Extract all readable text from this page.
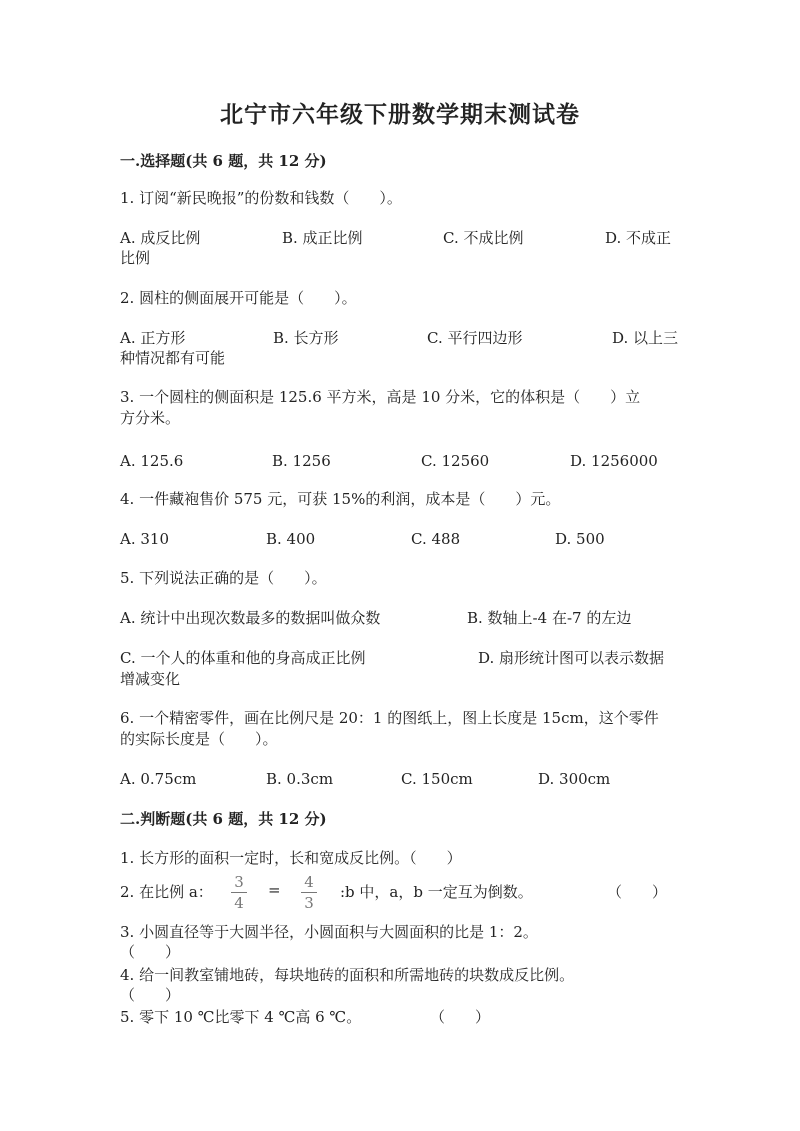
北宁市六年级下册数学期末测试卷
一.选择题(共 6 题，共 12 分)
1. 订阅“新民晚报”的份数和钱数（　　）。
A. 成反比例	B. 成正比例	C. 不成比例	D. 不成正
比例
2. 圆柱的侧面展开可能是（　　）。
A. 正方形	B. 长方形	C. 平行四边形	D. 以上三
种情况都有可能
3. 一个圆柱的侧面积是 125.6 平方米，高是 10 分米，它的体积是（　　）立
方分米。
A. 125.6	B. 1256	C. 12560	D. 1256000
4. 一件藏袍售价 575 元，可获 15%的利润，成本是（　　）元。
A. 310	B. 400	C. 488	D. 500
5. 下列说法正确的是（　　）。
A. 统计中出现次数最多的数据叫做众数	B. 数轴上-4 在-7 的左边
C. 一个人的体重和他的身高成正比例	D. 扇形统计图可以表示数据
增减变化
6. 一个精密零件，画在比例尺是 20：1 的图纸上，图上长度是 15cm，这个零件
的实际长度是（　　）。
A. 0.75cm	B. 0.3cm	C. 150cm	D. 300cm
二.判断题(共 6 题，共 12 分)
1. 长方形的面积一定时，长和宽成反比例。（　　）
2. 在比例 a：
3
4
=	4
3
:b 中，a，b 一定互为倒数。	（　　）
3. 小圆直径等于大圆半径，小圆面积与大圆面积的比是 1：2。
（　　）
4. 给一间教室铺地砖，每块地砖的面积和所需地砖的块数成反比例。
（　　）
5. 零下 10 ℃比零下 4 ℃高 6 ℃。	（　　）
